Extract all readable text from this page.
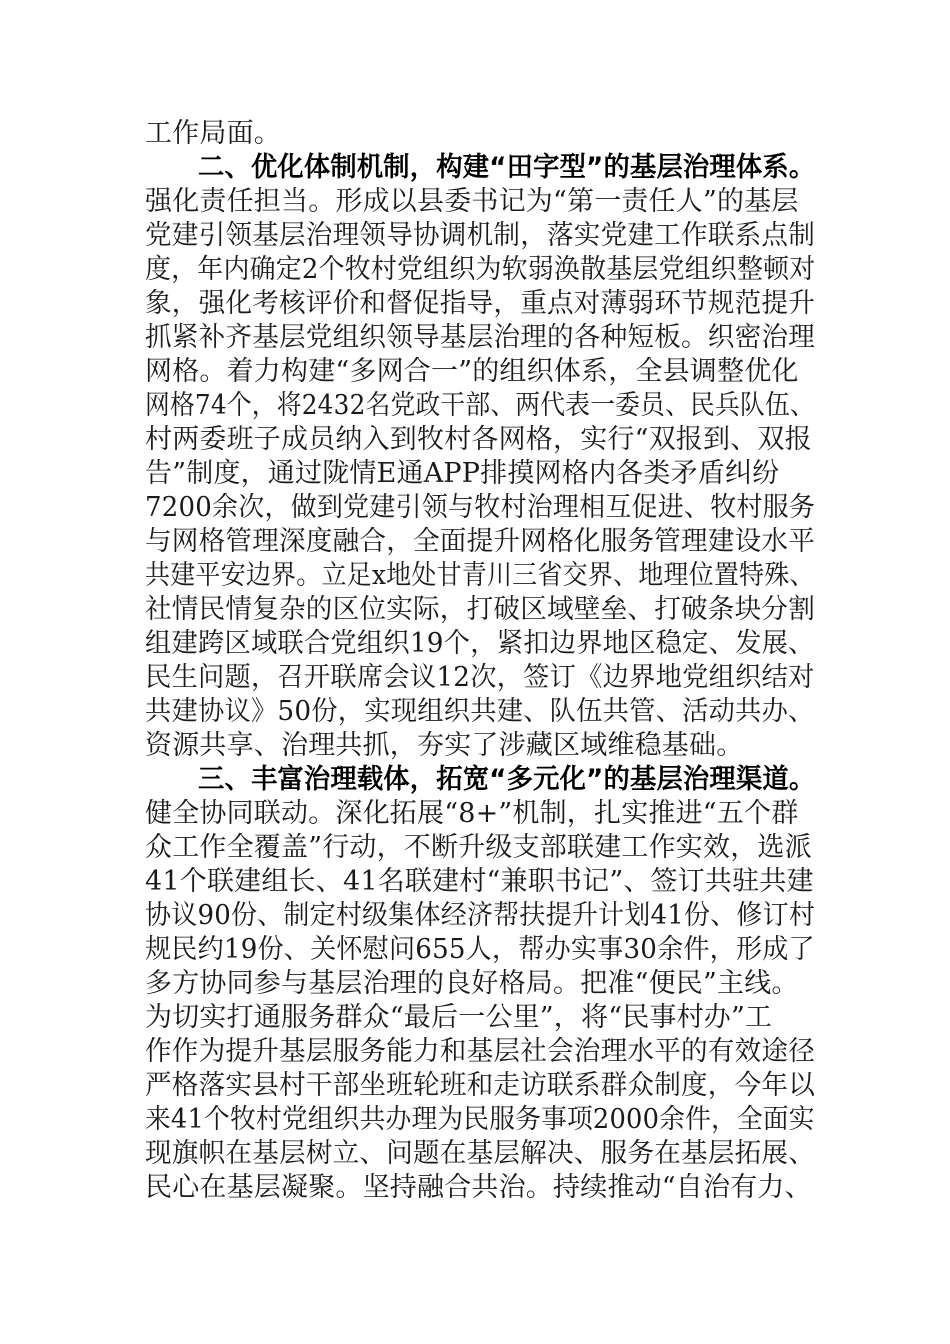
工作局面。
二、优化体制机制，构建“田字型”的基层治理体系。
强化责任担当。形成以县委书记为“第一责任人”的基层
党建引领基层治理领导协调机制，落实党建工作联系点制
度，年内确定2个牧村党组织为软弱涣散基层党组织整顿对
象，强化考核评价和督促指导，重点对薄弱环节规范提升
抓紧补齐基层党组织领导基层治理的各种短板。织密治理
网格。着力构建“多网合一”的组织体系，全县调整优化
网格74个，将2432名党政干部、两代表一委员、民兵队伍、
村两委班子成员纳入到牧村各网格，实行“双报到、双报
告”制度，通过陇情E通APP排摸网格内各类矛盾纠纷
7200余次，做到党建引领与牧村治理相互促进、牧村服务
与网格管理深度融合，全面提升网格化服务管理建设水平
共建平安边界。立足x地处甘青川三省交界、地理位置特殊、
社情民情复杂的区位实际，打破区域壁垒、打破条块分割
组建跨区域联合党组织19个，紧扣边界地区稳定、发展、
民生问题，召开联席会议12次，签订《边界地党组织结对
共建协议》50份，实现组织共建、队伍共管、活动共办、
资源共享、治理共抓，夯实了涉藏区域维稳基础。
三、丰富治理载体，拓宽“多元化”的基层治理渠道。
健全协同联动。深化拓展“8+”机制，扎实推进“五个群
众工作全覆盖”行动，不断升级支部联建工作实效，选派
41个联建组长、41名联建村“兼职书记”、签订共驻共建
协议90份、制定村级集体经济帮扶提升计划41份、修订村
规民约19份、关怀慰问655人，帮办实事30余件，形成了
多方协同参与基层治理的良好格局。把准“便民”主线。
为切实打通服务群众“最后一公里”，将“民事村办”工
作作为提升基层服务能力和基层社会治理水平的有效途径
严格落实县村干部坐班轮班和走访联系群众制度，今年以
来41个牧村党组织共办理为民服务事项2000余件，全面实
现旗帜在基层树立、问题在基层解决、服务在基层拓展、
民心在基层凝聚。坚持融合共治。持续推动“自治有力、
